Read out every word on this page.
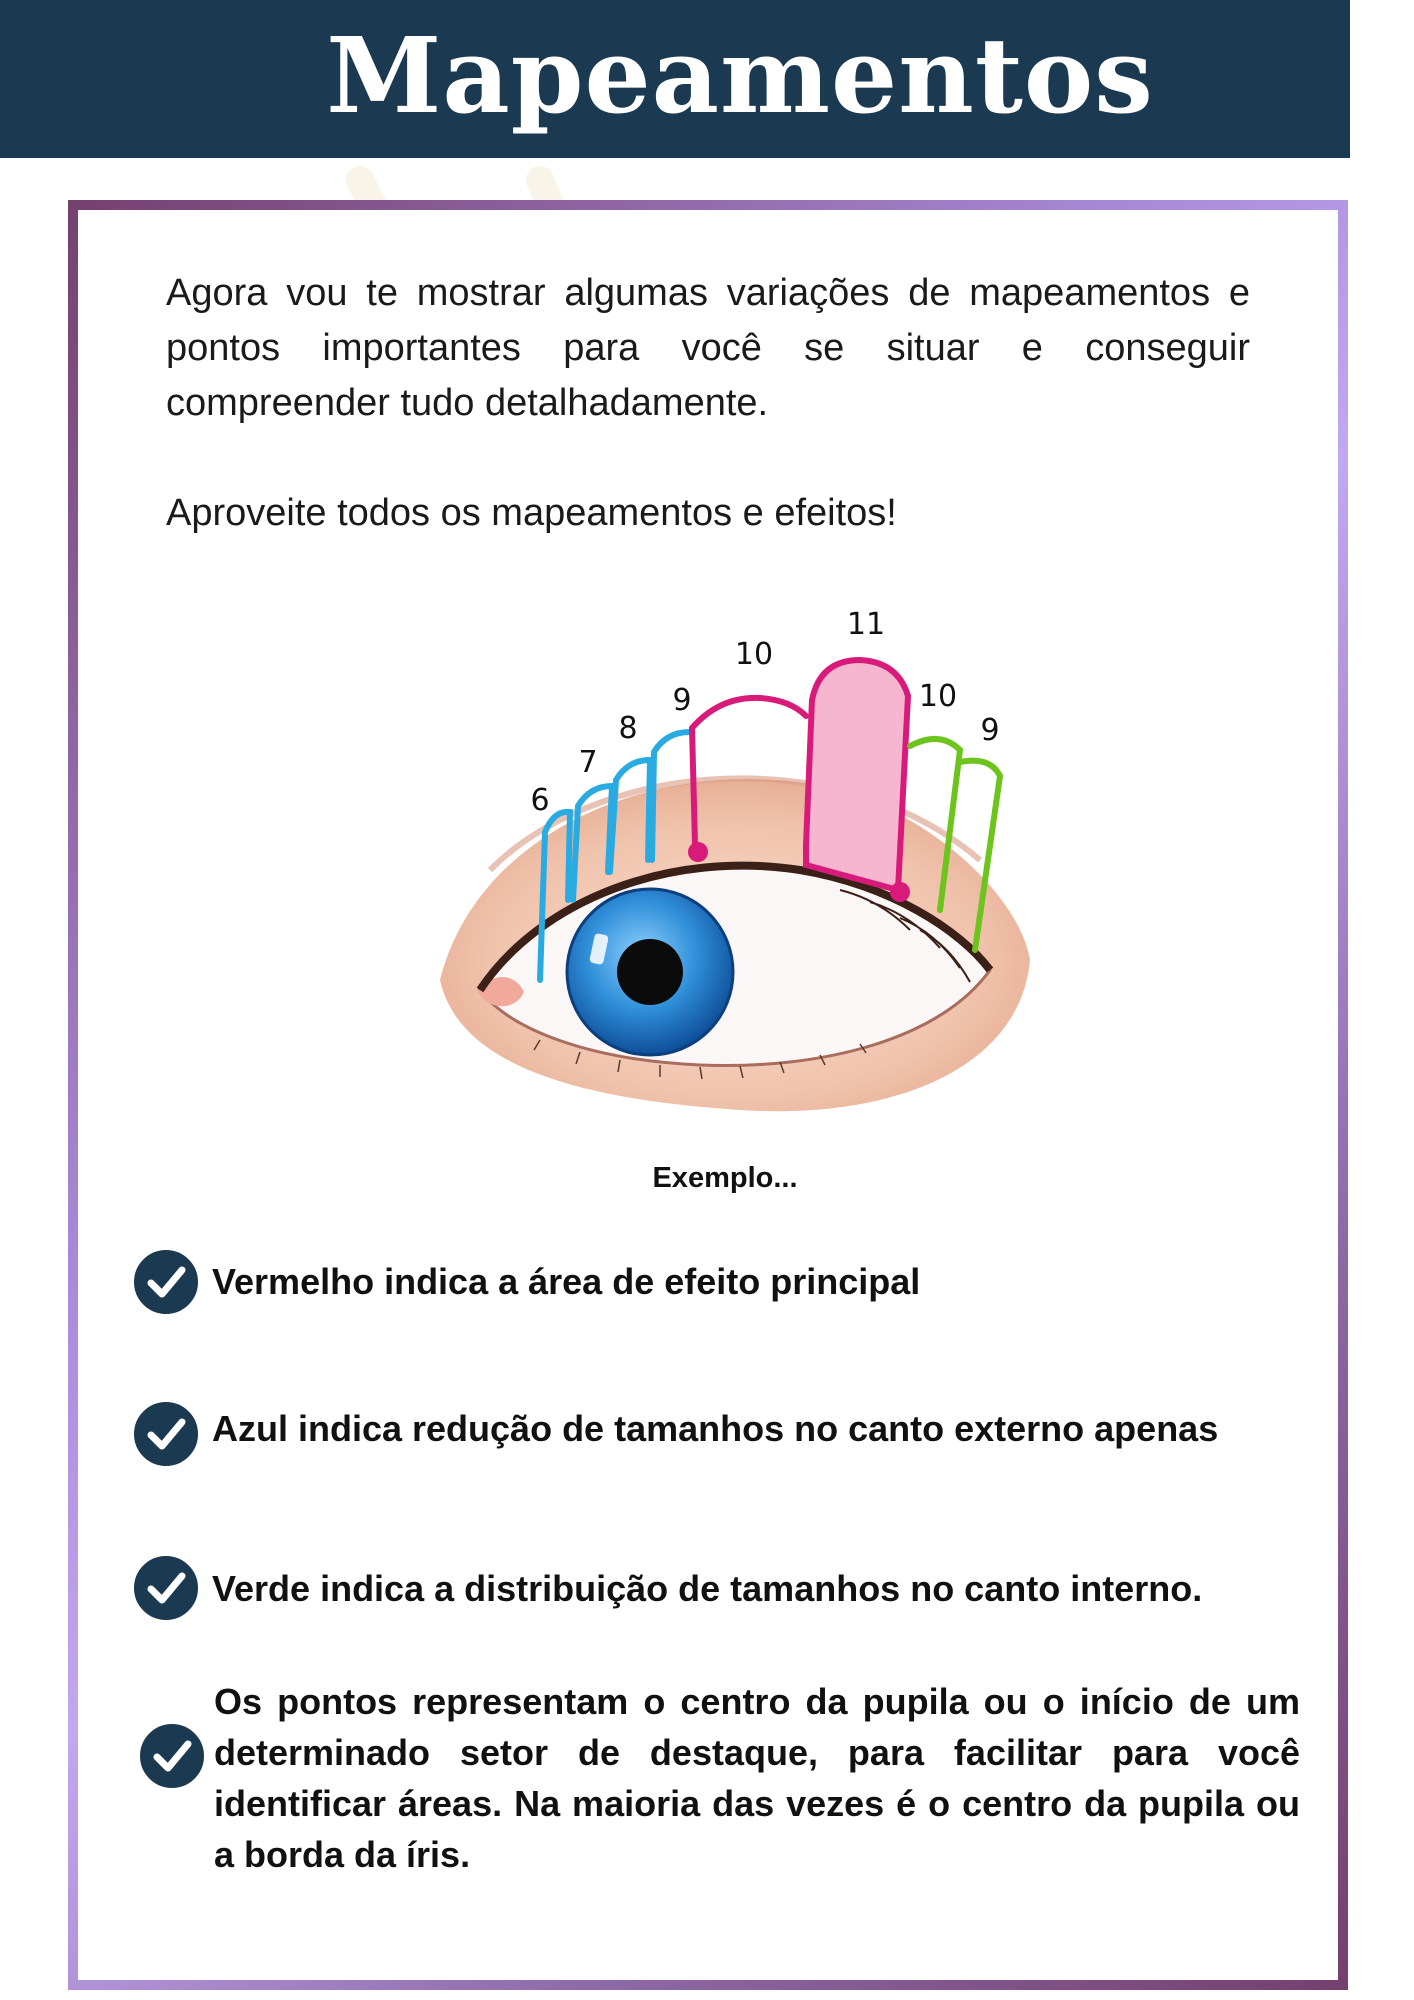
Mapeamentos

Agora vou te mostrar algumas variações de mapeamentos e pontos importantes para você se situar e conseguir compreender tudo detalhadamente.

Aproveite todos os mapeamentos e efeitos!

6
7
8
9
10
11
10
9
Exemplo...
Vermelho indica a área de efeito principal
Azul indica redução de tamanhos no canto externo apenas
Verde indica a distribuição de tamanhos no canto interno.
Os pontos representam o centro da pupila ou o início de um determinado setor de destaque, para facilitar para você identificar áreas. Na maioria das vezes é o centro da pupila ou a borda da íris.
